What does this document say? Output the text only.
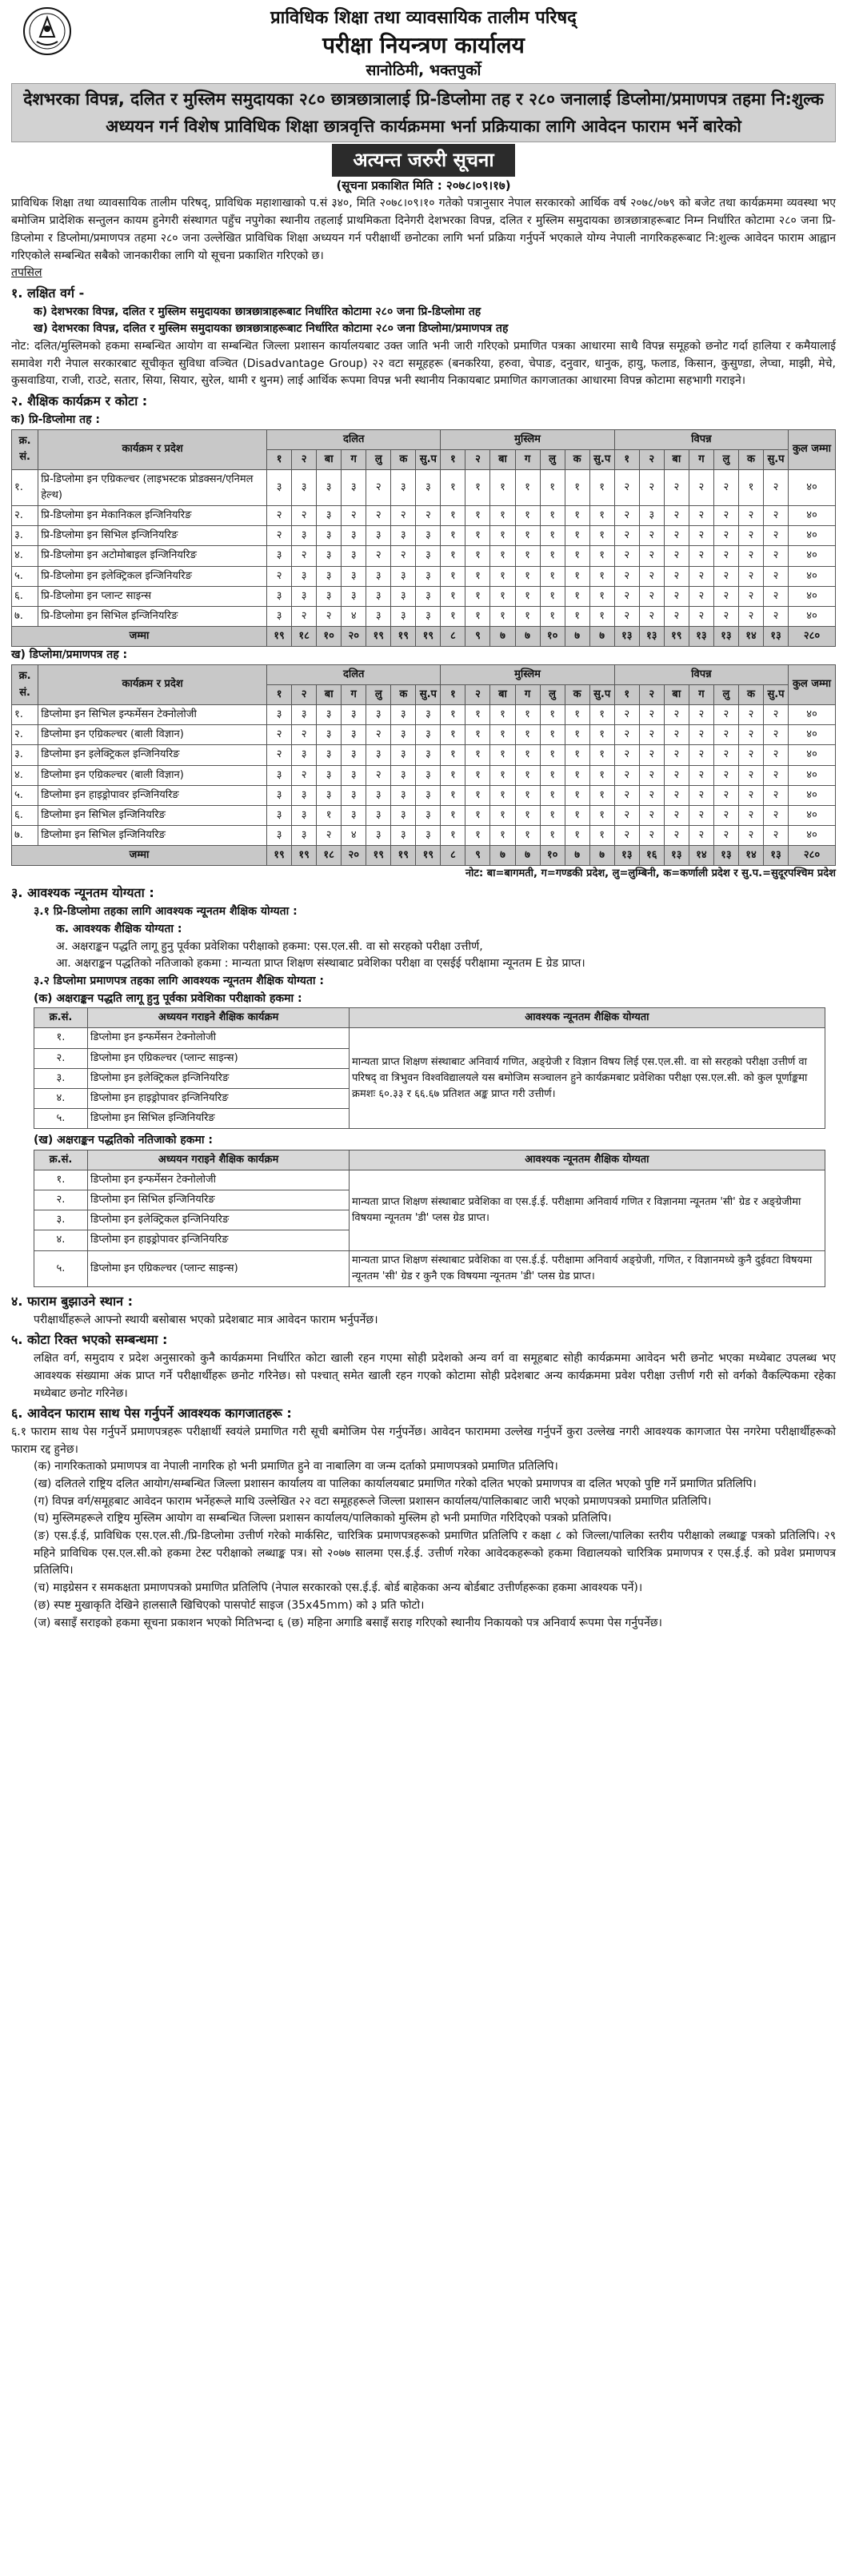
प्राविधिक शिक्षा तथा व्यावसायिक तालीम परिषद्
परीक्षा नियन्त्रण कार्यालय
सानोठिमी, भक्तपुर्को
देशभरका विपन्न, दलित र मुस्लिम समुदायका २८० छात्रछात्रालाई प्रि-डिप्लोमा तह र २८० जनालाई डिप्लोमा/प्रमाणपत्र तहमा नि:शुल्क अध्ययन गर्न विशेष प्राविधिक शिक्षा छात्रवृत्ति कार्यक्रममा भर्ना प्रक्रियाका लागि आवेदन फाराम भर्ने बारेको
अत्यन्त जरुरी सूचना
(सूचना प्रकाशित मिति : २०७८।०९।१७)

प्राविधिक शिक्षा तथा व्यावसायिक तालीम परिषद्, प्राविधिक महाशाखाको प.सं ३४०, मिति २०७८।०९।१० गतेको पत्रानुसार नेपाल सरकारको आर्थिक वर्ष २०७८/०७९ को बजेट तथा कार्यक्रममा व्यवस्था भए बमोजिम प्रादेशिक सन्तुलन कायम हुनेगरी संस्थागत पहुँच नपुगेका स्थानीय तहलाई प्राथमिकता दिनेगरी देशभरका विपन्न, दलित र मुस्लिम समुदायका छात्रछात्राहरूबाट निम्न निर्धारित कोटामा २८० जना प्रि-डिप्लोमा र डिप्लोमा/प्रमाणपत्र तहमा २८० जना उल्लेखित प्राविधिक शिक्षा अध्ययन गर्न परीक्षार्थी छनोटका लागि भर्ना प्रक्रिया गर्नुपर्ने भएकाले योग्य नेपाली नागरिकहरूबाट नि:शुल्क आवेदन फाराम आह्वान गरिएकोले सम्बन्धित सबैको जानकारीका लागि यो सूचना प्रकाशित गरिएको छ।

तपसिल
१. लक्षित वर्ग -
क) देशभरका विपन्न, दलित र मुस्लिम समुदायका छात्रछात्राहरूबाट निर्धारित कोटामा २८० जना प्रि-डिप्लोमा तह
ख) देशभरका विपन्न, दलित र मुस्लिम समुदायका छात्रछात्राहरूबाट निर्धारित कोटामा २८० जना डिप्लोमा/प्रमाणपत्र तह

नोट: दलित/मुस्लिमको हकमा सम्बन्धित आयोग वा सम्बन्धित जिल्ला प्रशासन कार्यालयबाट उक्त जाति भनी जारी गरिएको प्रमाणित पत्रका आधारमा साथै विपन्न समूहको छनोट गर्दा हालिया र कमैयालाई समावेश गरी नेपाल सरकारबाट सूचीकृत सुविधा वञ्चित (Disadvantage Group) २२ वटा समूहहरू (बनकरिया, हरुवा, चेपाङ, दनुवार, धानुक, हायु, फलाड, किसान, कुसुण्डा, लेप्चा, माझी, मेचे, कुसवाडिया, राजी, राउटे, सतार, सिया, सियार, सुरेल, थामी र थुनम) लाई आर्थिक रूपमा विपन्न भनी स्थानीय निकायबाट प्रमाणित कागजातका आधारमा विपन्न कोटामा सहभागी गराइने।

२. शैक्षिक कार्यक्रम र कोटा :
क) प्रि-डिप्लोमा तह :
क्र. सं.	कार्यक्रम र प्रदेश	दलित							मुस्लिम							विपन्न							कुल जम्मा
		१	२	बा	ग	लु	क	सु.प	१	२	बा	ग	लु	क	सु.प	१	२	बा	ग	लु	क	सु.प	
१.	प्रि-डिप्लोमा इन एग्रिकल्चर (लाइभस्टक प्रोडक्सन/एनिमल हेल्थ)	३	३	३	३	२	३	३	१	१	१	१	१	१	१	२	२	२	२	२	१	२	४०
२.	प्रि-डिप्लोमा इन मेकानिकल इन्जिनियरिङ	२	२	३	२	२	२	२	१	१	१	१	१	१	१	२	३	२	२	२	२	२	४०
३.	प्रि-डिप्लोमा इन सिभिल इन्जिनियरिङ	२	३	३	३	३	३	३	१	१	१	१	१	१	१	२	२	२	२	२	२	२	४०
४.	प्रि-डिप्लोमा इन अटोमोबाइल इन्जिनियरिङ	३	२	३	३	२	२	३	१	१	१	१	१	१	१	२	२	२	२	२	२	२	४०
५.	प्रि-डिप्लोमा इन इलेक्ट्रिकल इन्जिनियरिङ	२	३	३	३	३	३	३	१	१	१	१	१	१	१	२	२	२	२	२	२	२	४०
६.	प्रि-डिप्लोमा इन प्लान्ट साइन्स	३	३	३	३	३	३	३	१	१	१	१	१	१	१	२	२	२	२	२	२	२	४०
७.	प्रि-डिप्लोमा इन सिभिल इन्जिनियरिङ	३	२	२	४	३	३	३	१	१	१	१	१	१	१	२	२	२	२	२	२	२	४०
जम्मा		१९	१८	१०	२०	१९	१९	१९	८	९	७	७	१०	७	७	१३	१३	१९	१३	१३	१४	१३	२८०
ख) डिप्लोमा/प्रमाणपत्र तह :
क्र. सं.	कार्यक्रम र प्रदेश	दलित							मुस्लिम							विपन्न							कुल जम्मा
		१	२	बा	ग	लु	क	सु.प	१	२	बा	ग	लु	क	सु.प	१	२	बा	ग	लु	क	सु.प	
१.	डिप्लोमा इन सिभिल इन्फर्मेसन टेक्नोलोजी	३	३	३	३	३	३	३	१	१	१	१	१	१	१	२	२	२	२	२	२	२	४०
२.	डिप्लोमा इन एग्रिकल्चर (बाली विज्ञान)	२	२	३	३	२	३	३	१	१	१	१	१	१	१	२	२	२	२	२	२	२	४०
३.	डिप्लोमा इन इलेक्ट्रिकल इन्जिनियरिङ	२	३	३	३	३	३	३	१	१	१	१	१	१	१	२	२	२	२	२	२	२	४०
४.	डिप्लोमा इन एग्रिकल्चर (बाली विज्ञान)	३	२	३	३	२	३	३	१	१	१	१	१	१	१	२	२	२	२	२	२	२	४०
५.	डिप्लोमा इन हाइड्रोपावर इन्जिनियरिङ	३	३	३	३	३	३	३	१	१	१	१	१	१	१	२	२	२	२	२	२	२	४०
६.	डिप्लोमा इन सिभिल इन्जिनियरिङ	३	३	१	३	३	३	३	१	१	१	१	१	१	१	२	२	२	२	२	२	२	४०
७.	डिप्लोमा इन सिभिल इन्जिनियरिङ	३	३	२	४	३	३	३	१	१	१	१	१	१	१	२	२	२	२	२	२	२	४०
जम्मा		१९	१९	१८	२०	१९	१९	१९	८	९	७	७	१०	७	७	१३	१६	१३	१४	१३	१४	१३	२८०
नोट: बा=बागमती, ग=गण्डकी प्रदेश, लु=लुम्बिनी, क=कर्णाली प्रदेश र सु.प.=सुदूरपश्चिम प्रदेश
३. आवश्यक न्यूनतम योग्यता :
३.१ प्रि-डिप्लोमा तहका लागि आवश्यक न्यूनतम शैक्षिक योग्यता :
क. आवश्यक शैक्षिक योग्यता :
अ. अक्षराङ्कन पद्धति लागू हुनु पूर्वका प्रवेशिका परीक्षाको हकमा: एस.एल.सी. वा सो सरहको परीक्षा उत्तीर्ण,
आ. अक्षराङ्कन पद्धतिको नतिजाको हकमा : मान्यता प्राप्त शिक्षण संस्थाबाट प्रवेशिका परीक्षा वा एसईई परीक्षामा न्यूनतम E ग्रेड प्राप्त।
३.२ डिप्लोमा प्रमाणपत्र तहका लागि आवश्यक न्यूनतम शैक्षिक योग्यता :
(क) अक्षराङ्कन पद्धति लागू हुनु पूर्वका प्रवेशिका परीक्षाको हकमा :
क्र.सं.	अध्ययन गराइने शैक्षिक कार्यक्रम	आवश्यक न्यूनतम शैक्षिक योग्यता
१.	डिप्लोमा इन इन्फर्मेसन टेक्नोलोजी	मान्यता प्राप्त शिक्षण संस्थाबाट अनिवार्य गणित, अङ्ग्रेजी र विज्ञान विषय लिई एस.एल.सी. वा सो सरहको परीक्षा उत्तीर्ण वा परिषद् वा त्रिभुवन विश्वविद्यालयले यस बमोजिम सञ्चालन हुने कार्यक्रमबाट प्रवेशिका परीक्षा एस.एल.सी. को कुल पूर्णाङ्कमा क्रमशः ६०.३३ र ६६.६७ प्रतिशत अङ्क प्राप्त गरी उत्तीर्ण।
२.	डिप्लोमा इन एग्रिकल्चर (प्लान्ट साइन्स)	
३.	डिप्लोमा इन इलेक्ट्रिकल इन्जिनियरिङ	
४.	डिप्लोमा इन हाइड्रोपावर इन्जिनियरिङ	
५.	डिप्लोमा इन सिभिल इन्जिनियरिङ	
(ख) अक्षराङ्कन पद्धतिको नतिजाको हकमा :
क्र.सं.	अध्ययन गराइने शैक्षिक कार्यक्रम	आवश्यक न्यूनतम शैक्षिक योग्यता
१.	डिप्लोमा इन इन्फर्मेसन टेक्नोलोजी	मान्यता प्राप्त शिक्षण संस्थाबाट प्रवेशिका वा एस.ई.ई. परीक्षामा अनिवार्य गणित र विज्ञानमा न्यूनतम 'सी' ग्रेड र अङ्ग्रेजीमा विषयमा न्यूनतम 'डी' प्लस ग्रेड प्राप्त।
२.	डिप्लोमा इन सिभिल इन्जिनियरिङ	
३.	डिप्लोमा इन इलेक्ट्रिकल इन्जिनियरिङ	
४.	डिप्लोमा इन हाइड्रोपावर इन्जिनियरिङ	
५.	डिप्लोमा इन एग्रिकल्चर (प्लान्ट साइन्स)	मान्यता प्राप्त शिक्षण संस्थाबाट प्रवेशिका वा एस.ई.ई. परीक्षामा अनिवार्य अङ्ग्रेजी, गणित, र विज्ञानमध्ये कुनै दुईवटा विषयमा न्यूनतम 'सी' ग्रेड र कुनै एक विषयमा न्यूनतम 'डी' प्लस ग्रेड प्राप्त।
४. फाराम बुझाउने स्थान :

परीक्षार्थीहरूले आफ्नो स्थायी बसोबास भएको प्रदेशबाट मात्र आवेदन फाराम भर्नुपर्नेछ।

५. कोटा रिक्त भएको सम्बन्धमा :

लक्षित वर्ग, समुदाय र प्रदेश अनुसारको कुनै कार्यक्रममा निर्धारित कोटा खाली रहन गएमा सोही प्रदेशको अन्य वर्ग वा समूहबाट सोही कार्यक्रममा आवेदन भरी छनोट भएका मध्येबाट उपलब्ध भए आवश्यक संख्यामा अंक प्राप्त गर्ने परीक्षार्थीहरू छनोट गरिनेछ। सो पश्चात् समेत खाली रहन गएको कोटामा सोही प्रदेशबाट अन्य कार्यक्रममा प्रवेश परीक्षा उत्तीर्ण गरी सो वर्गको वैकल्पिकमा रहेका मध्येबाट छनोट गरिनेछ।

६. आवेदन फाराम साथ पेस गर्नुपर्ने आवश्यक कागजातहरू :

६.१ फाराम साथ पेस गर्नुपर्ने प्रमाणपत्रहरू परीक्षार्थी स्वयंले प्रमाणित गरी सूची बमोजिम पेस गर्नुपर्नेछ। आवेदन फाराममा उल्लेख गर्नुपर्ने कुरा उल्लेख नगरी आवश्यक कागजात पेस नगरेमा परीक्षार्थीहरूको फाराम रद्द हुनेछ।

(क) नागरिकताको प्रमाणपत्र वा नेपाली नागरिक हो भनी प्रमाणित हुने वा नाबालिग वा जन्म दर्ताको प्रमाणपत्रको प्रमाणित प्रतिलिपि।
(ख) दलितले राष्ट्रिय दलित आयोग/सम्बन्धित जिल्ला प्रशासन कार्यालय वा पालिका कार्यालयबाट प्रमाणित गरेको दलित भएको प्रमाणपत्र वा दलित भएको पुष्टि गर्ने प्रमाणित प्रतिलिपि।
(ग) विपन्न वर्ग/समूहबाट आवेदन फाराम भर्नेहरूले माथि उल्लेखित २२ वटा समूहहरूले जिल्ला प्रशासन कार्यालय/पालिकाबाट जारी भएको प्रमाणपत्रको प्रमाणित प्रतिलिपि।
(घ) मुस्लिमहरूले राष्ट्रिय मुस्लिम आयोग वा सम्बन्धित जिल्ला प्रशासन कार्यालय/पालिकाको मुस्लिम हो भनी प्रमाणित गरिदिएको पत्रको प्रतिलिपि।
(ङ) एस.ई.ई, प्राविधिक एस.एल.सी./प्रि-डिप्लोमा उत्तीर्ण गरेको मार्कसिट, चारित्रिक प्रमाणपत्रहरूको प्रमाणित प्रतिलिपि र कक्षा ८ को जिल्ला/पालिका स्तरीय परीक्षाको लब्धाङ्क पत्रको प्रतिलिपि। २९ महिने प्राविधिक एस.एल.सी.को हकमा टेस्ट परीक्षाको लब्धाङ्क पत्र। सो २०७७ सालमा एस.ई.ई. उत्तीर्ण गरेका आवेदकहरूको हकमा विद्यालयको चारित्रिक प्रमाणपत्र र एस.ई.ई. को प्रवेश प्रमाणपत्र प्रतिलिपि।
(च) माइग्रेसन र समकक्षता प्रमाणपत्रको प्रमाणित प्रतिलिपि (नेपाल सरकारको एस.ई.ई. बोर्ड बाहेकका अन्य बोर्डबाट उत्तीर्णहरूका हकमा आवश्यक पर्ने)।
(छ) स्पष्ट मुखाकृति देखिने हालसालै खिचिएको पासपोर्ट साइज (35x45mm) को ३ प्रति फोटो।
(ज) बसाइँ सराइको हकमा सूचना प्रकाशन भएको मितिभन्दा ६ (छ) महिना अगाडि बसाइँ सराइ गरिएको स्थानीय निकायको पत्र अनिवार्य रूपमा पेस गर्नुपर्नेछ।
